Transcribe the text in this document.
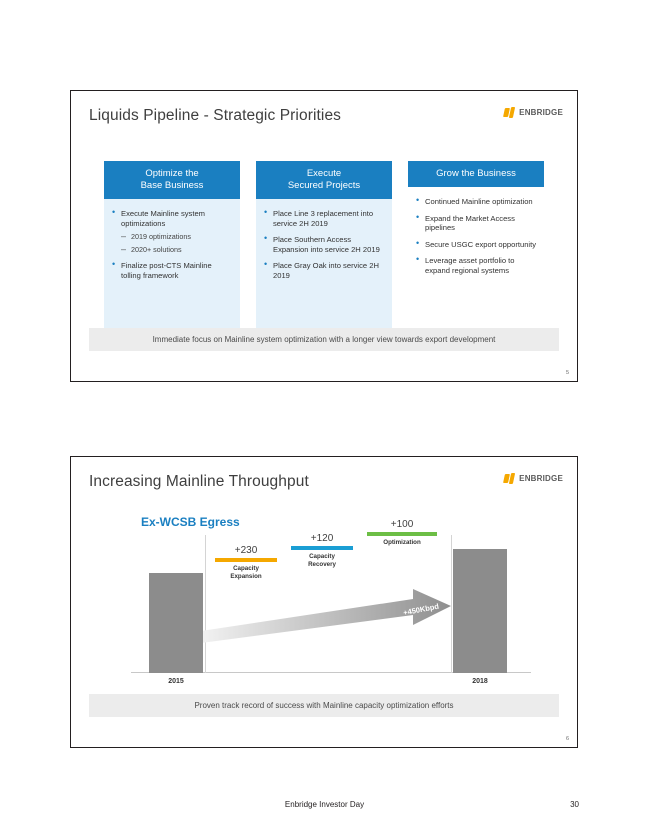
Liquids Pipeline - Strategic Priorities	ENBRIDGE
Optimize the
Base Business
• Execute Mainline system optimizations
– 2019 optimizations
– 2020+ solutions
• Finalize post-CTS Mainline tolling framework
Execute
Secured Projects
• Place Line 3 replacement into service 2H 2019
• Place Southern Access Expansion into service 2H 2019
• Place Gray Oak into service 2H 2019
Grow the Business
• Continued Mainline optimization
• Expand the Market Access pipelines
• Secure USGC export opportunity
• Leverage asset portfolio to expand regional systems
Immediate focus on Mainline system optimization with a longer view towards export development
5
Increasing Mainline Throughput	ENBRIDGE
Ex-WCSB Egress
+450Kbpd
+230
Capacity
Expansion
+120
Capacity
Recovery
+100
Optimization
2015	2018
Proven track record of success with Mainline capacity optimization efforts
6
Enbridge Investor Day	30
